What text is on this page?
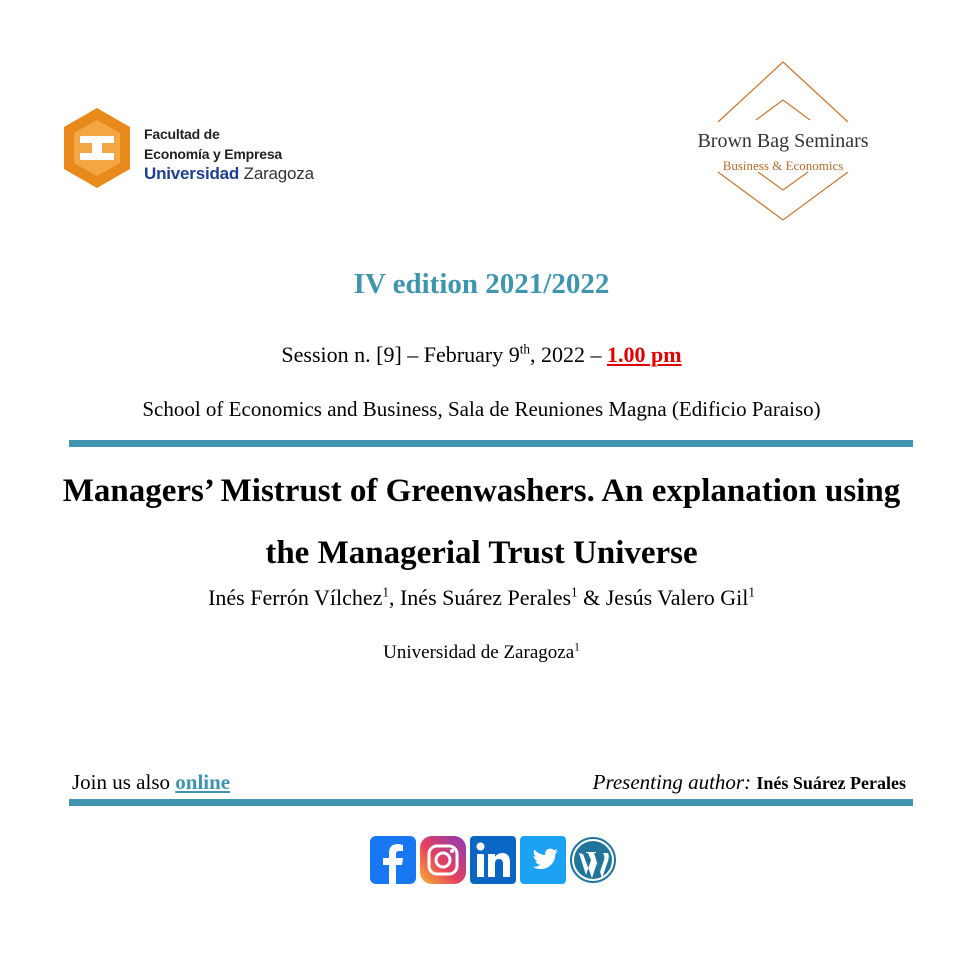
Facultad de
Economía y Empresa
Universidad Zaragoza
Brown Bag Seminars
Business & Economics
IV edition 2021/2022
Session n. [9] – February 9th, 2022 – 1.00 pm
School of Economics and Business, Sala de Reuniones Magna (Edificio Paraiso)
Managers’ Mistrust of Greenwashers. An explanation using
the Managerial Trust Universe
Inés Ferrón Vílchez$^1$, Inés Suárez Perales$^1$ & Jesús Valero Gil$^1$
Universidad de Zaragoza$^1$
Join us also online	Presenting author: Inés Suárez Perales
